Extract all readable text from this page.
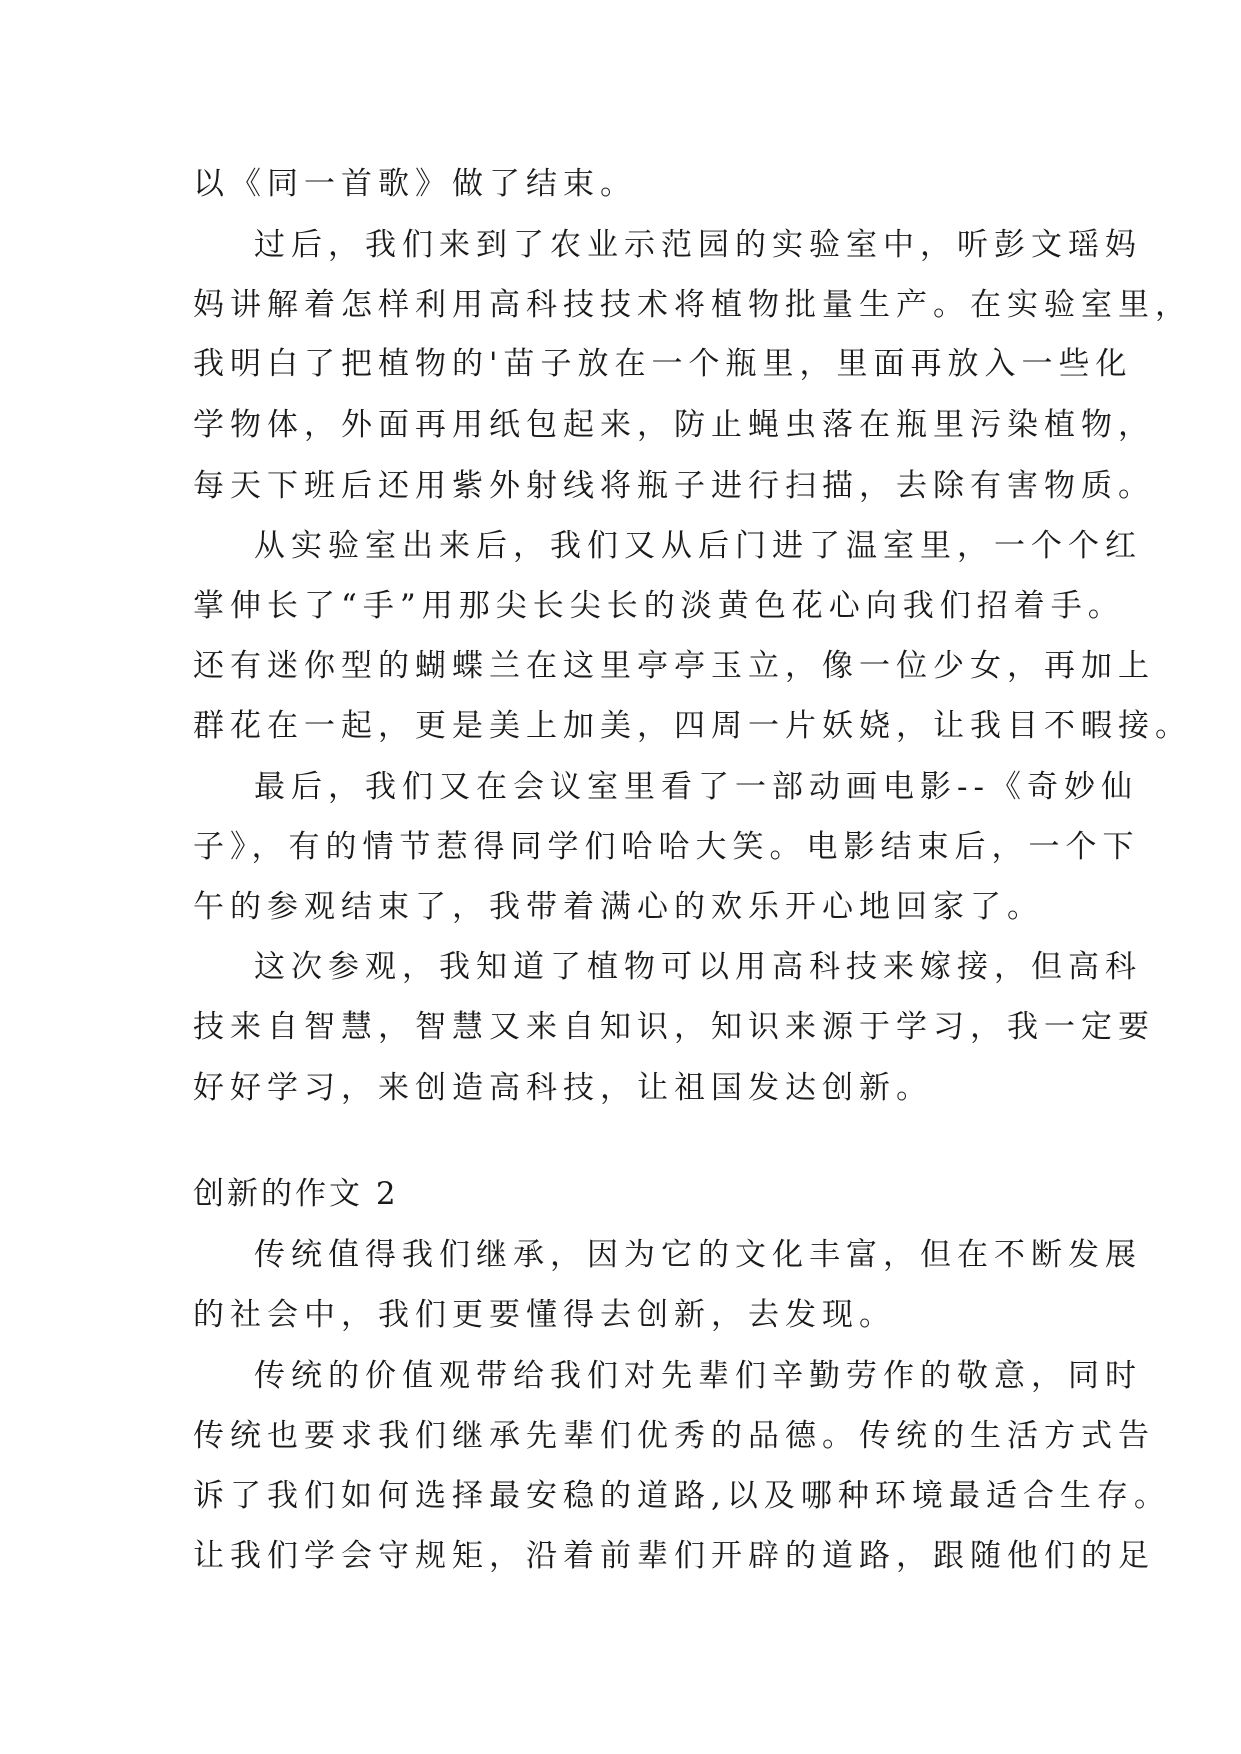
以《同一首歌》做了结束。
过后，我们来到了农业示范园的实验室中，听彭文瑶妈
妈讲解着怎样利用高科技技术将植物批量生产。在实验室里，
我明白了把植物的'苗子放在一个瓶里，里面再放入一些化
学物体，外面再用纸包起来，防止蝇虫落在瓶里污染植物，
每天下班后还用紫外射线将瓶子进行扫描，去除有害物质。
从实验室出来后，我们又从后门进了温室里，一个个红
掌伸长了“手”用那尖长尖长的淡黄色花心向我们招着手。
还有迷你型的蝴蝶兰在这里亭亭玉立，像一位少女，再加上
群花在一起，更是美上加美，四周一片妖娆，让我目不暇接。
最后，我们又在会议室里看了一部动画电影--《奇妙仙
子》，有的情节惹得同学们哈哈大笑。电影结束后，一个下
午的参观结束了，我带着满心的欢乐开心地回家了。
这次参观，我知道了植物可以用高科技来嫁接，但高科
技来自智慧，智慧又来自知识，知识来源于学习，我一定要
好好学习，来创造高科技，让祖国发达创新。
创新的作文 2
传统值得我们继承，因为它的文化丰富，但在不断发展
的社会中，我们更要懂得去创新，去发现。
传统的价值观带给我们对先辈们辛勤劳作的敬意，同时
传统也要求我们继承先辈们优秀的品德。传统的生活方式告
诉了我们如何选择最安稳的道路,以及哪种环境最适合生存。
让我们学会守规矩，沿着前辈们开辟的道路，跟随他们的足
